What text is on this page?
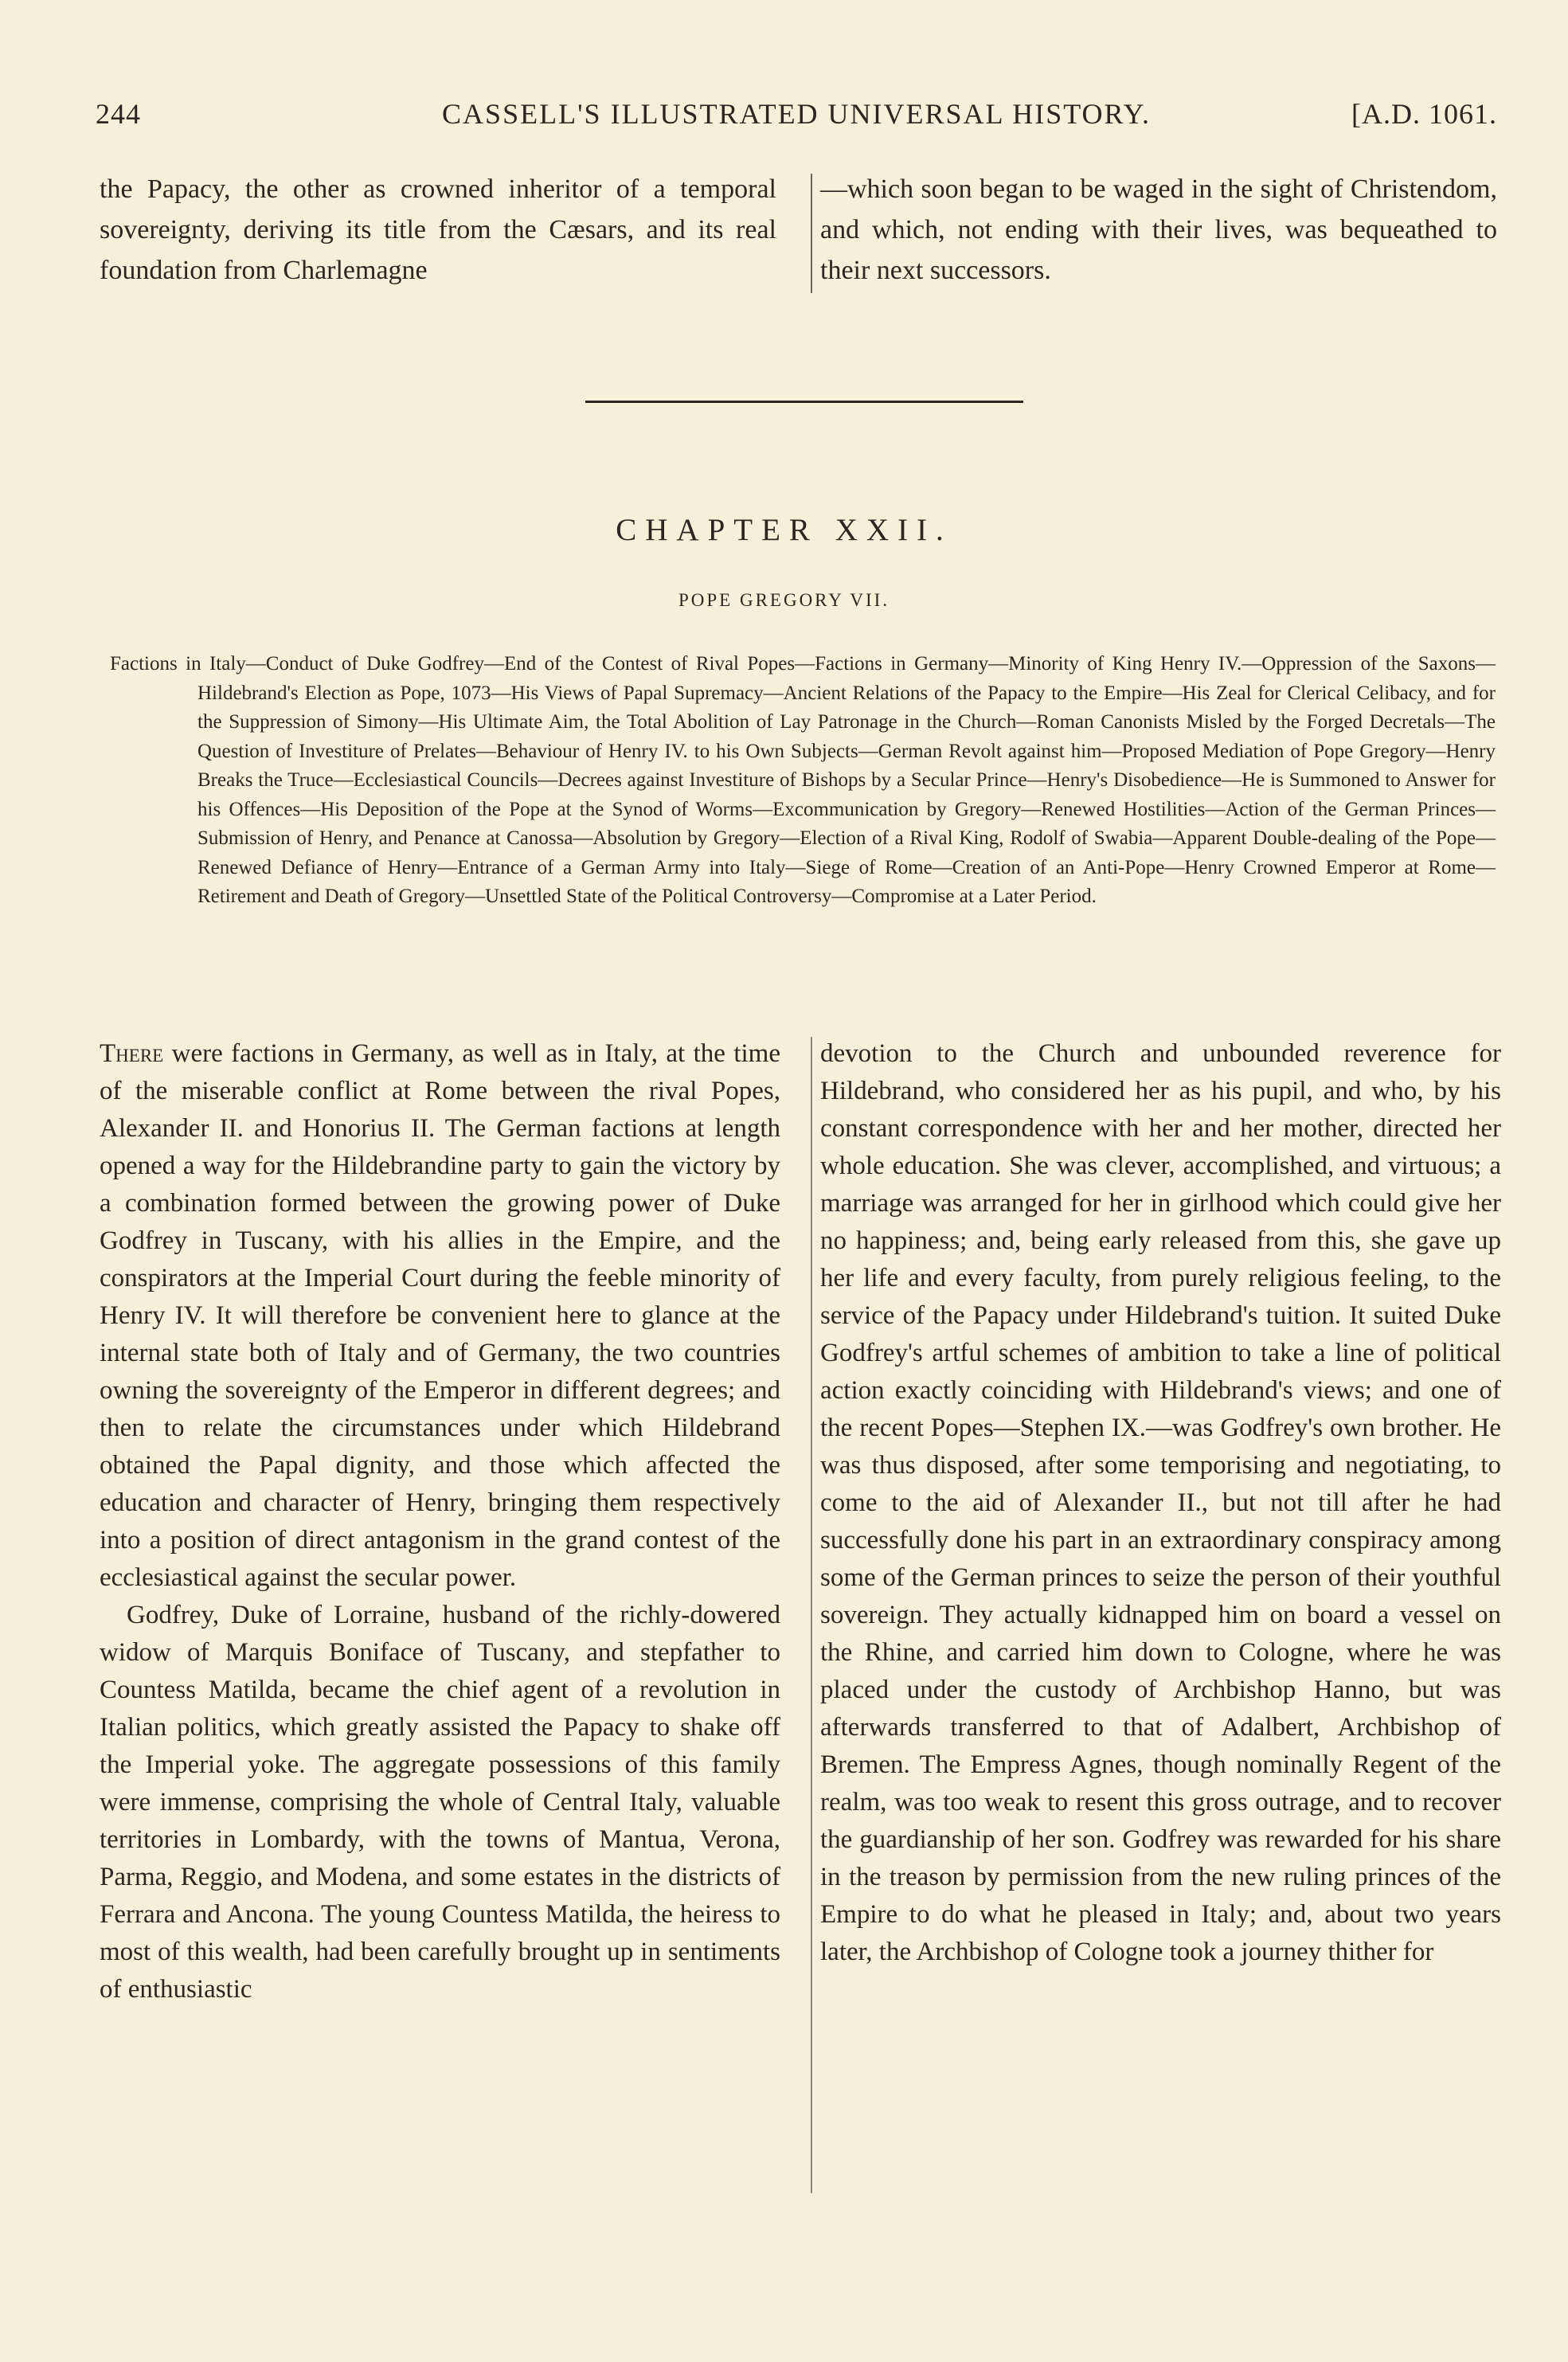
244	CASSELL'S ILLUSTRATED UNIVERSAL HISTORY.	[A.D. 1061.

the Papacy, the other as crowned inheritor of a temporal sovereignty, deriving its title from the Cæsars, and its real foundation from Charlemagne

—which soon began to be waged in the sight of Christendom, and which, not ending with their lives, was bequeathed to their next successors.

CHAPTER XXII.
POPE GREGORY VII.

Factions in Italy—Conduct of Duke Godfrey—End of the Contest of Rival Popes—Factions in Germany—Minority of King Henry IV.—Oppression of the Saxons—Hildebrand's Election as Pope, 1073—His Views of Papal Supremacy—Ancient Relations of the Papacy to the Empire—His Zeal for Clerical Celibacy, and for the Suppression of Simony—His Ultimate Aim, the Total Abolition of Lay Patronage in the Church—Roman Canonists Misled by the Forged Decretals—The Question of Investiture of Prelates—Behaviour of Henry IV. to his Own Subjects—German Revolt against him—Proposed Mediation of Pope Gregory—Henry Breaks the Truce—Ecclesiastical Councils—Decrees against Investiture of Bishops by a Secular Prince—Henry's Disobedience—He is Summoned to Answer for his Offences—His Deposition of the Pope at the Synod of Worms—Excommunication by Gregory—Renewed Hostilities—Action of the German Princes—Submission of Henry, and Penance at Canossa—Absolution by Gregory—Election of a Rival King, Rodolf of Swabia—Apparent Double-dealing of the Pope—Renewed Defiance of Henry—Entrance of a German Army into Italy—Siege of Rome—Creation of an Anti-Pope—Henry Crowned Emperor at Rome—Retirement and Death of Gregory—Unsettled State of the Political Controversy—Compromise at a Later Period.

There were factions in Germany, as well as in Italy, at the time of the miserable conflict at Rome between the rival Popes, Alexander II. and Honorius II. The German factions at length opened a way for the Hildebrandine party to gain the victory by a combination formed between the growing power of Duke Godfrey in Tuscany, with his allies in the Empire, and the conspirators at the Imperial Court during the feeble minority of Henry IV. It will therefore be convenient here to glance at the internal state both of Italy and of Germany, the two countries owning the sovereignty of the Emperor in different degrees; and then to relate the circumstances under which Hildebrand obtained the Papal dignity, and those which affected the education and character of Henry, bringing them respectively into a position of direct antagonism in the grand contest of the ecclesiastical against the secular power.

Godfrey, Duke of Lorraine, husband of the richly-dowered widow of Marquis Boniface of Tuscany, and stepfather to Countess Matilda, became the chief agent of a revolution in Italian politics, which greatly assisted the Papacy to shake off the Imperial yoke. The aggregate possessions of this family were immense, comprising the whole of Central Italy, valuable territories in Lombardy, with the towns of Mantua, Verona, Parma, Reggio, and Modena, and some estates in the districts of Ferrara and Ancona. The young Countess Matilda, the heiress to most of this wealth, had been carefully brought up in sentiments of enthusiastic

devotion to the Church and unbounded reverence for Hildebrand, who considered her as his pupil, and who, by his constant correspondence with her and her mother, directed her whole education. She was clever, accomplished, and virtuous; a marriage was arranged for her in girlhood which could give her no happiness; and, being early released from this, she gave up her life and every faculty, from purely religious feeling, to the service of the Papacy under Hildebrand's tuition. It suited Duke Godfrey's artful schemes of ambition to take a line of political action exactly coinciding with Hildebrand's views; and one of the recent Popes—Stephen IX.—was Godfrey's own brother. He was thus disposed, after some temporising and negotiating, to come to the aid of Alexander II., but not till after he had successfully done his part in an extraordinary conspiracy among some of the German princes to seize the person of their youthful sovereign. They actually kidnapped him on board a vessel on the Rhine, and carried him down to Cologne, where he was placed under the custody of Archbishop Hanno, but was afterwards transferred to that of Adalbert, Archbishop of Bremen. The Empress Agnes, though nominally Regent of the realm, was too weak to resent this gross outrage, and to recover the guardianship of her son. Godfrey was rewarded for his share in the treason by permission from the new ruling princes of the Empire to do what he pleased in Italy; and, about two years later, the Archbishop of Cologne took a journey thither for
